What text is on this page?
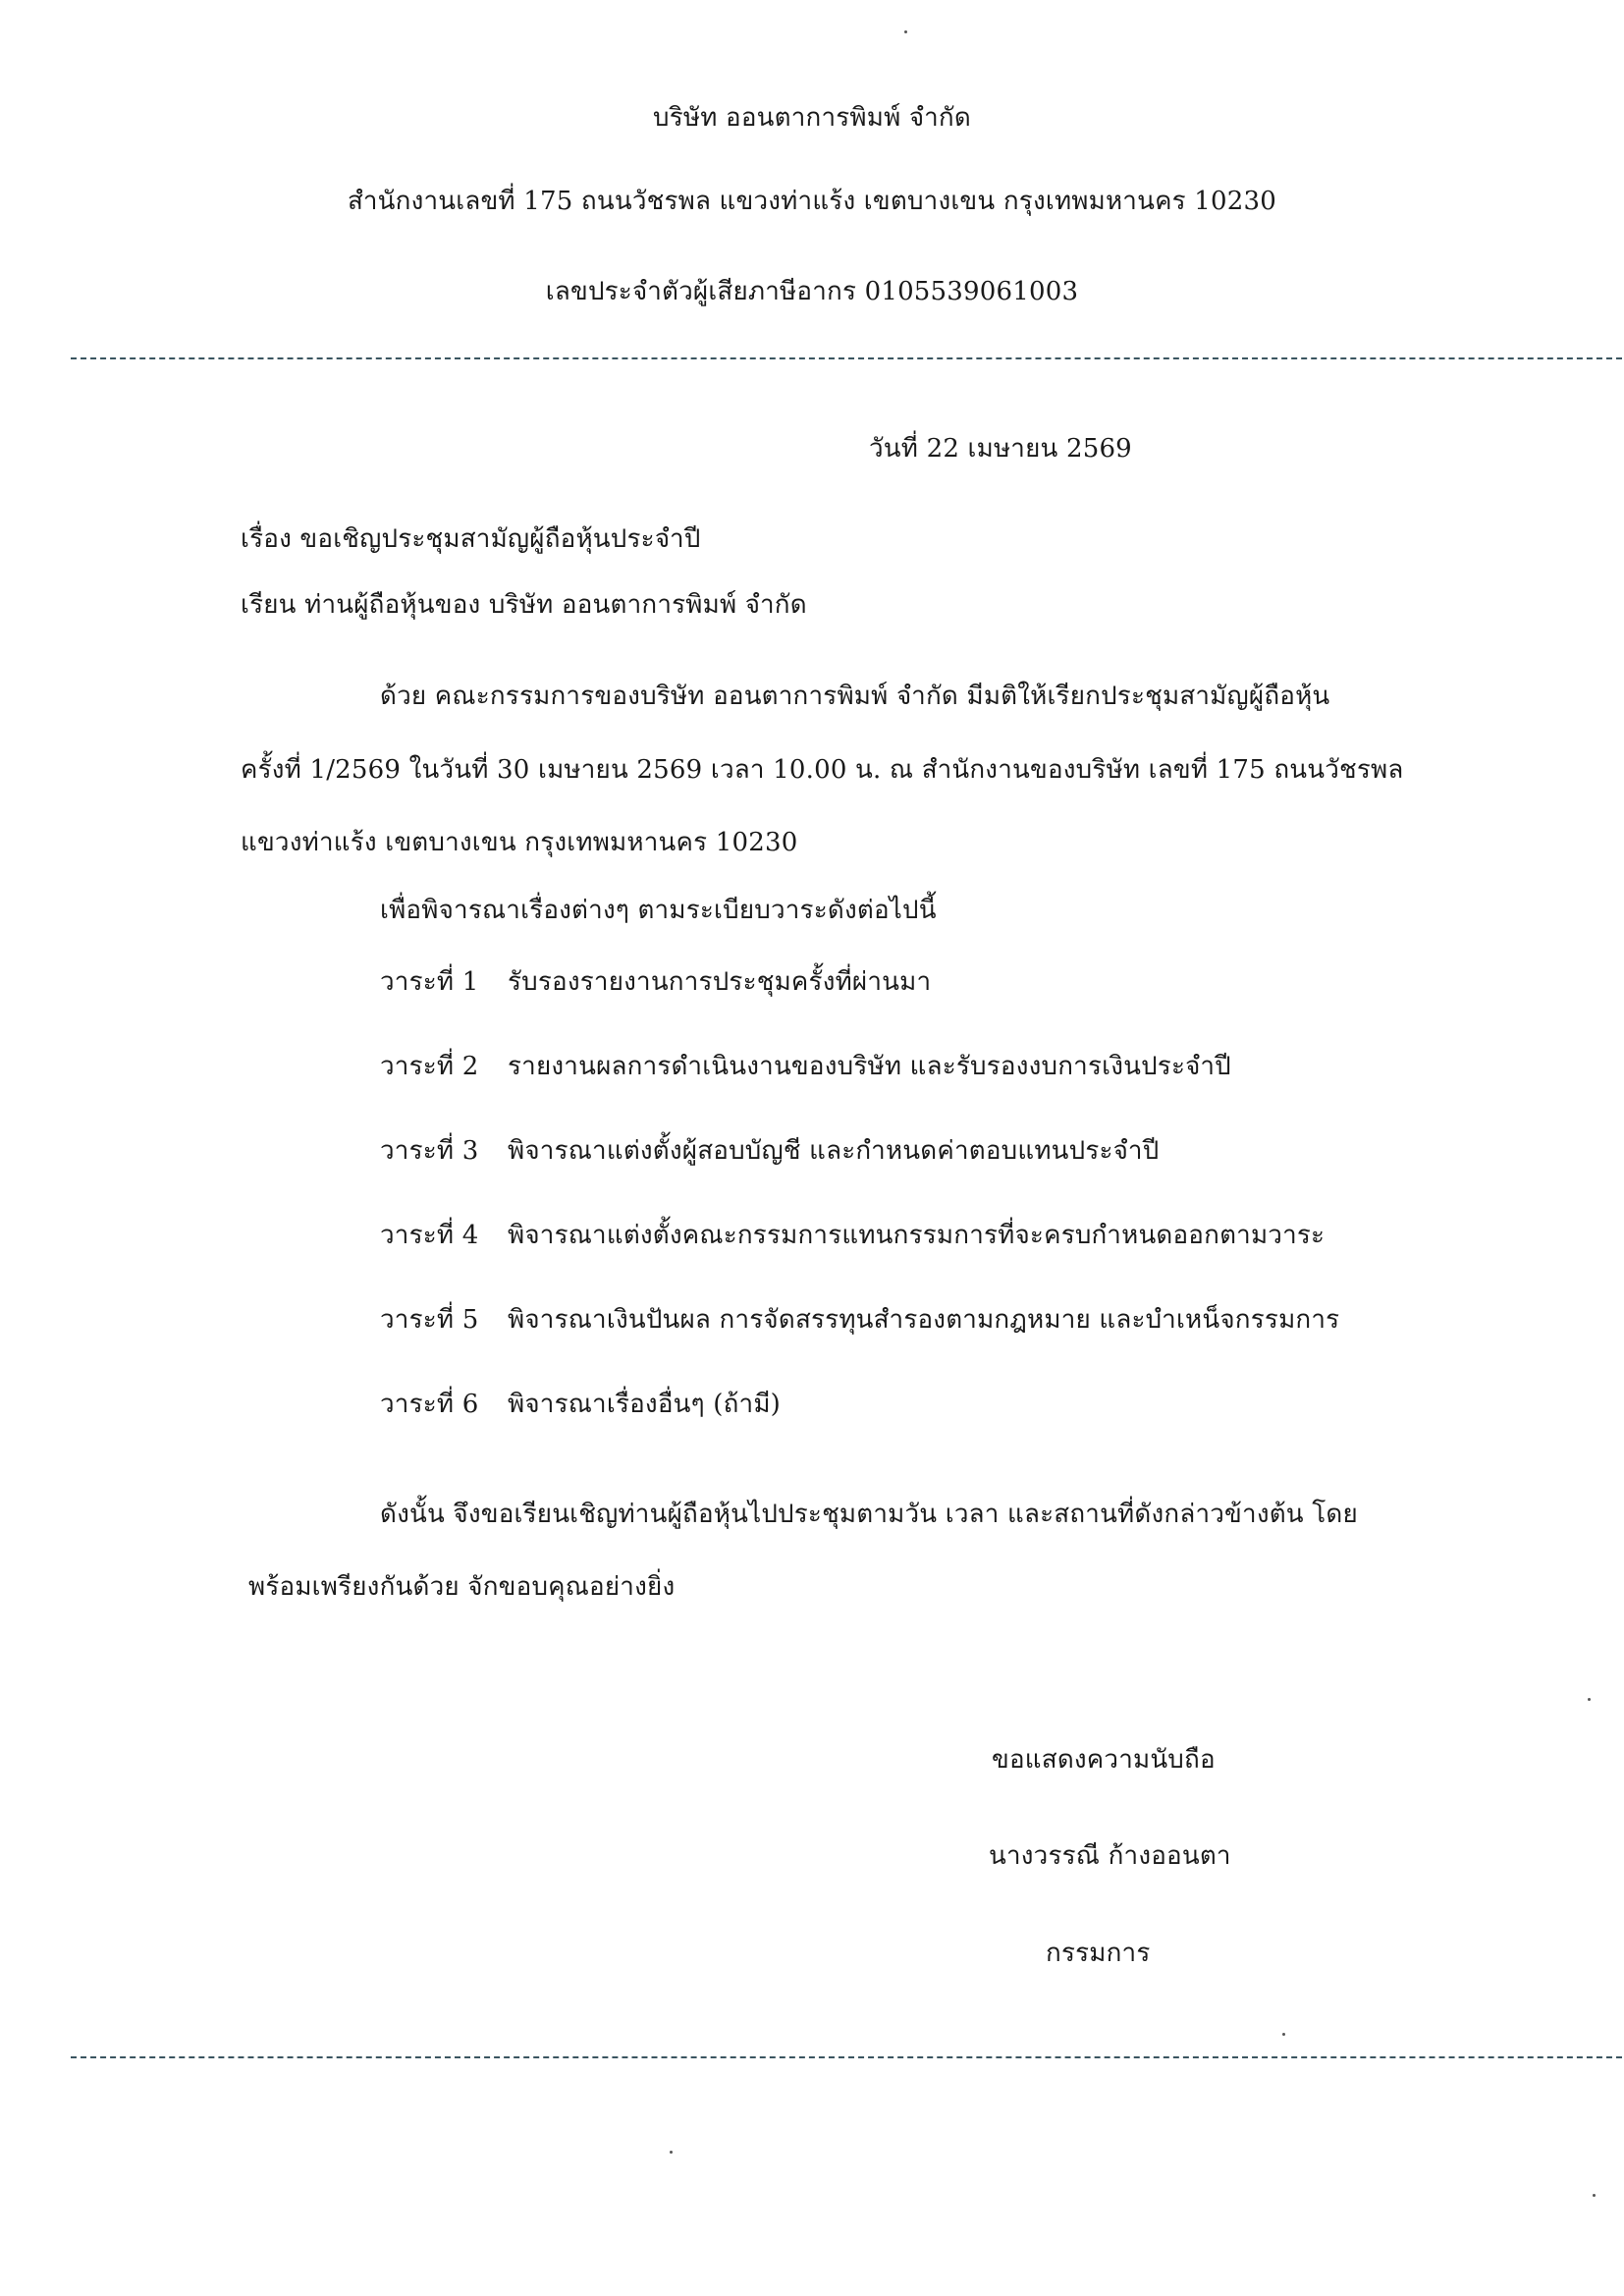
บริษัท ออนตาการพิมพ์ จำกัด
สำนักงานเลขที่ 175 ถนนวัชรพล แขวงท่าแร้ง เขตบางเขน กรุงเทพมหานคร 10230
เลขประจำตัวผู้เสียภาษีอากร 0105539061003
วันที่ 22 เมษายน 2569
เรื่อง ขอเชิญประชุมสามัญผู้ถือหุ้นประจำปี
เรียน ท่านผู้ถือหุ้นของ บริษัท ออนตาการพิมพ์ จำกัด
ด้วย คณะกรรมการของบริษัท ออนตาการพิมพ์ จำกัด มีมติให้เรียกประชุมสามัญผู้ถือหุ้น
ครั้งที่ 1/2569 ในวันที่ 30 เมษายน 2569 เวลา 10.00 น. ณ สำนักงานของบริษัท เลขที่ 175 ถนนวัชรพล
แขวงท่าแร้ง เขตบางเขน กรุงเทพมหานคร 10230
เพื่อพิจารณาเรื่องต่างๆ ตามระเบียบวาระดังต่อไปนี้
วาระที่ 1 รับรองรายงานการประชุมครั้งที่ผ่านมา
วาระที่ 2 รายงานผลการดำเนินงานของบริษัท และรับรองงบการเงินประจำปี
วาระที่ 3 พิจารณาแต่งตั้งผู้สอบบัญชี และกำหนดค่าตอบแทนประจำปี
วาระที่ 4 พิจารณาแต่งตั้งคณะกรรมการแทนกรรมการที่จะครบกำหนดออกตามวาระ
วาระที่ 5 พิจารณาเงินปันผล การจัดสรรทุนสำรองตามกฎหมาย และบำเหน็จกรรมการ
วาระที่ 6 พิจารณาเรื่องอื่นๆ (ถ้ามี)
ดังนั้น จึงขอเรียนเชิญท่านผู้ถือหุ้นไปประชุมตามวัน เวลา และสถานที่ดังกล่าวข้างต้น โดย
พร้อมเพรียงกันด้วย จักขอบคุณอย่างยิ่ง
ขอแสดงความนับถือ
นางวรรณี ก้างออนตา
กรรมการ
